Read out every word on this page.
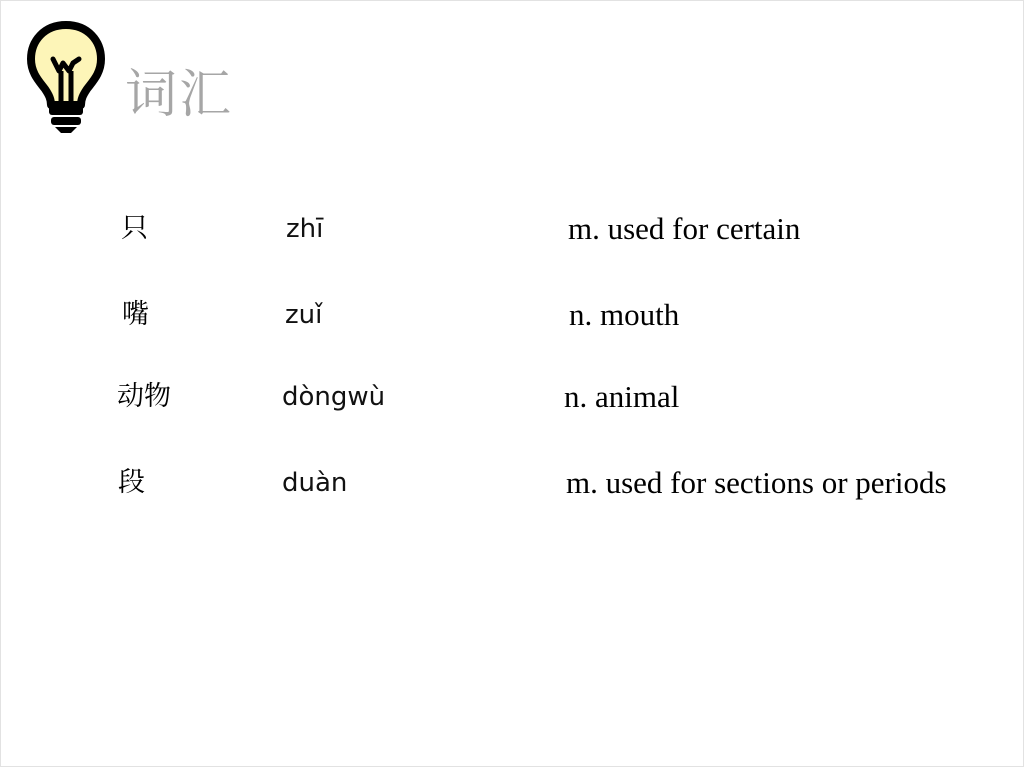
词汇
只	zhī	m. used for certain
嘴	zuǐ	n. mouth
动物	dòngwù	n. animal
段	duàn	m. used for sections or periods
